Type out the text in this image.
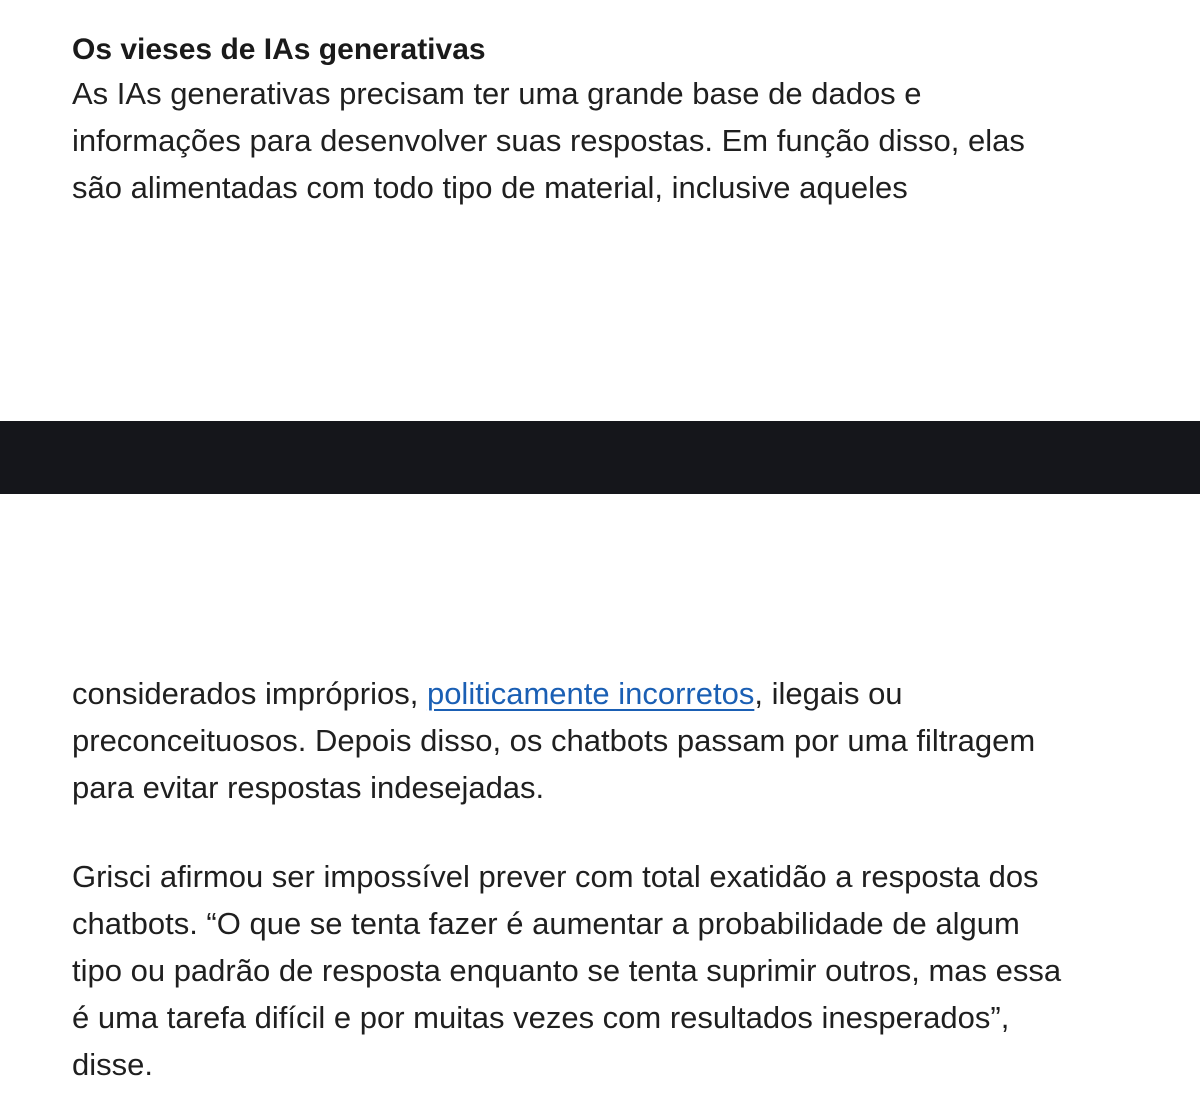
Os vieses de IAs generativas

As IAs generativas precisam ter uma grande base de dados e
informações para desenvolver suas respostas. Em função disso, elas
são alimentadas com todo tipo de material, inclusive aqueles

considerados impróprios, politicamente incorretos, ilegais ou
preconceituosos. Depois disso, os chatbots passam por uma filtragem
para evitar respostas indesejadas.

Grisci afirmou ser impossível prever com total exatidão a resposta dos
chatbots. “O que se tenta fazer é aumentar a probabilidade de algum
tipo ou padrão de resposta enquanto se tenta suprimir outros, mas essa
é uma tarefa difícil e por muitas vezes com resultados inesperados”,
disse.
